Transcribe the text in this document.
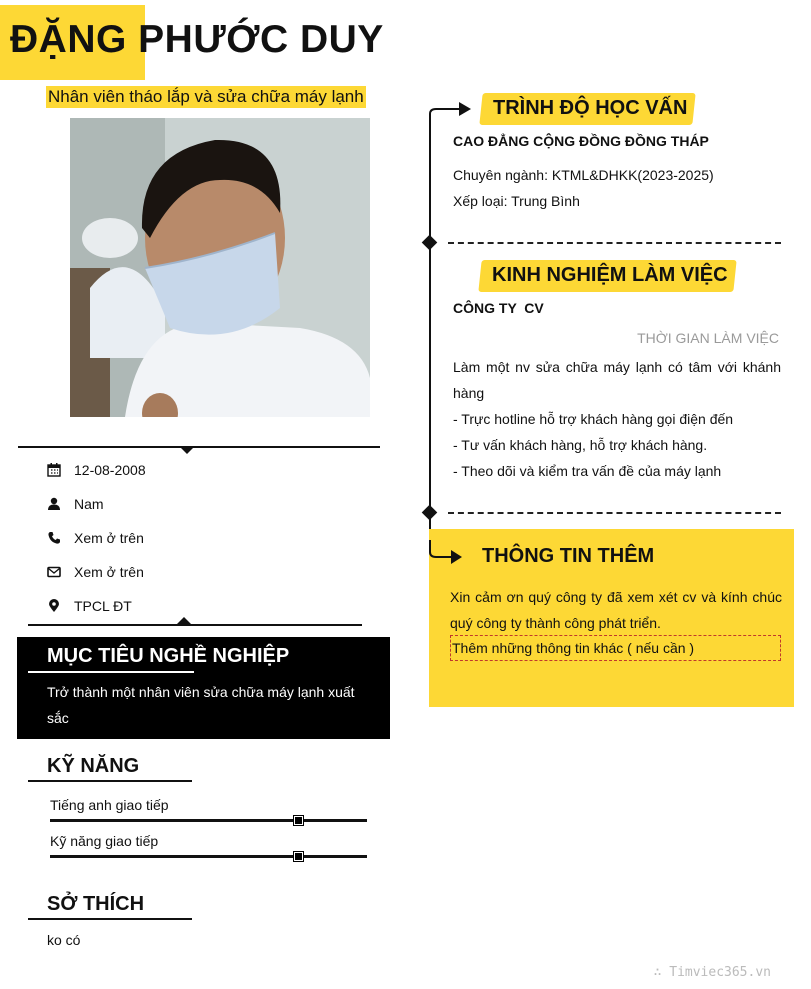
ĐẶNG PHƯỚC DUY
Nhân viên tháo lắp và sửa chữa máy lạnh
12-08-2008
Nam
Xem ở trên
Xem ở trên
TPCL ĐT
MỤC TIÊU NGHỀ NGHIỆP
Trở thành một nhân viên sửa chữa máy lạnh xuất sắc
KỸ NĂNG
Tiếng anh giao tiếp
Kỹ năng giao tiếp
SỞ THÍCH
ko có
TRÌNH ĐỘ HỌC VẤN
CAO ĐẲNG CỘNG ĐỒNG ĐỒNG THÁP
Chuyên ngành: KTML&DHKK(2023-2025)
Xếp loại: Trung Bình
KINH NGHIỆM LÀM VIỆC
CÔNG TY  CV
THỜI GIAN LÀM VIỆC
Làm một nv sửa chữa máy lạnh có tâm với khánh hàng
- Trực hotline hỗ trợ khách hàng gọi điện đến
- Tư vấn khách hàng, hỗ trợ khách hàng.
- Theo dõi và kiểm tra vấn đề của máy lạnh
THÔNG TIN THÊM
Xin cảm ơn quý công ty đã xem xét cv và kính chúc quý công ty thành công phát triển.
Thêm những thông tin khác ( nếu cần )
∴ Timviec365.vn
